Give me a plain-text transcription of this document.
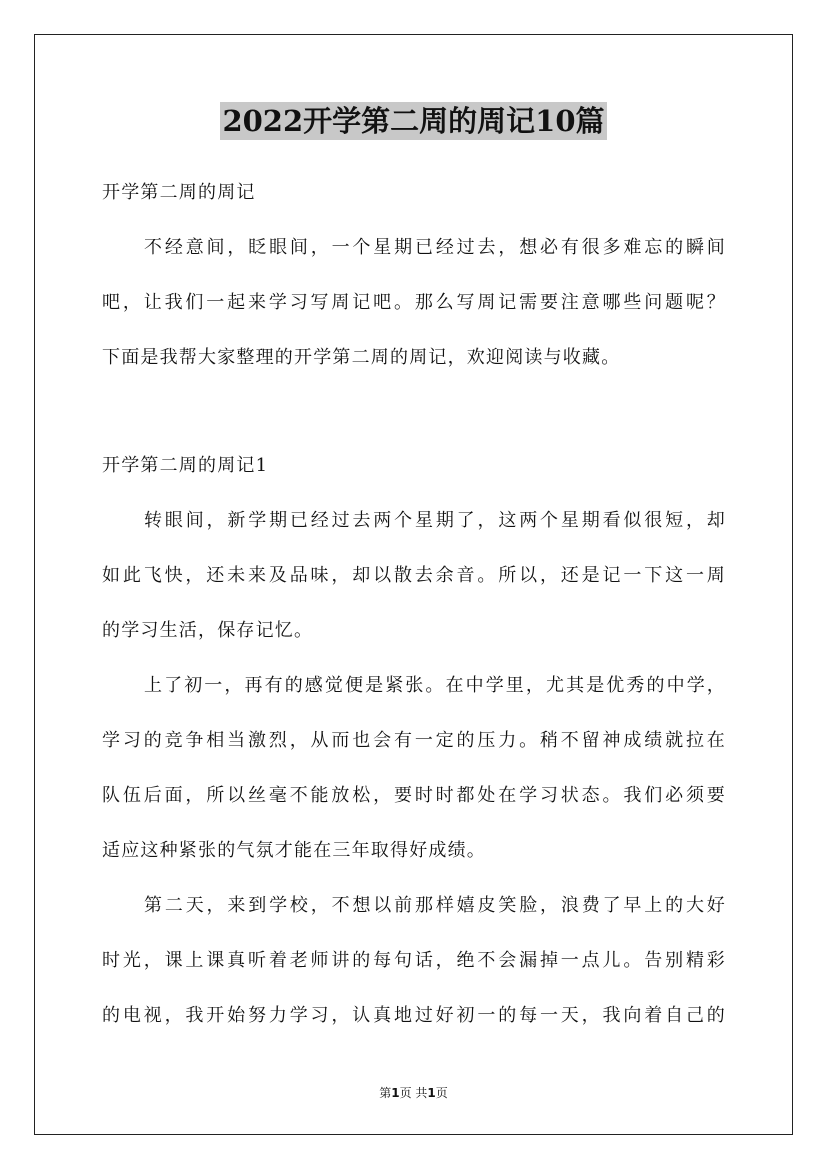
2022开学第二周的周记10篇
开学第二周的周记
不经意间，眨眼间，一个星期已经过去，想必有很多难忘的瞬间
吧，让我们一起来学习写周记吧。那么写周记需要注意哪些问题呢？
下面是我帮大家整理的开学第二周的周记，欢迎阅读与收藏。
开学第二周的周记1
转眼间，新学期已经过去两个星期了，这两个星期看似很短，却
如此飞快，还未来及品味，却以散去余音。所以，还是记一下这一周
的学习生活，保存记忆。
上了初一，再有的感觉便是紧张。在中学里，尤其是优秀的中学，
学习的竞争相当激烈，从而也会有一定的压力。稍不留神成绩就拉在
队伍后面，所以丝毫不能放松，要时时都处在学习状态。我们必须要
适应这种紧张的气氛才能在三年取得好成绩。
第二天，来到学校，不想以前那样嬉皮笑脸，浪费了早上的大好
时光，课上课真听着老师讲的每句话，绝不会漏掉一点儿。告别精彩
的电视，我开始努力学习，认真地过好初一的每一天，我向着自己的
第1页 共1页
